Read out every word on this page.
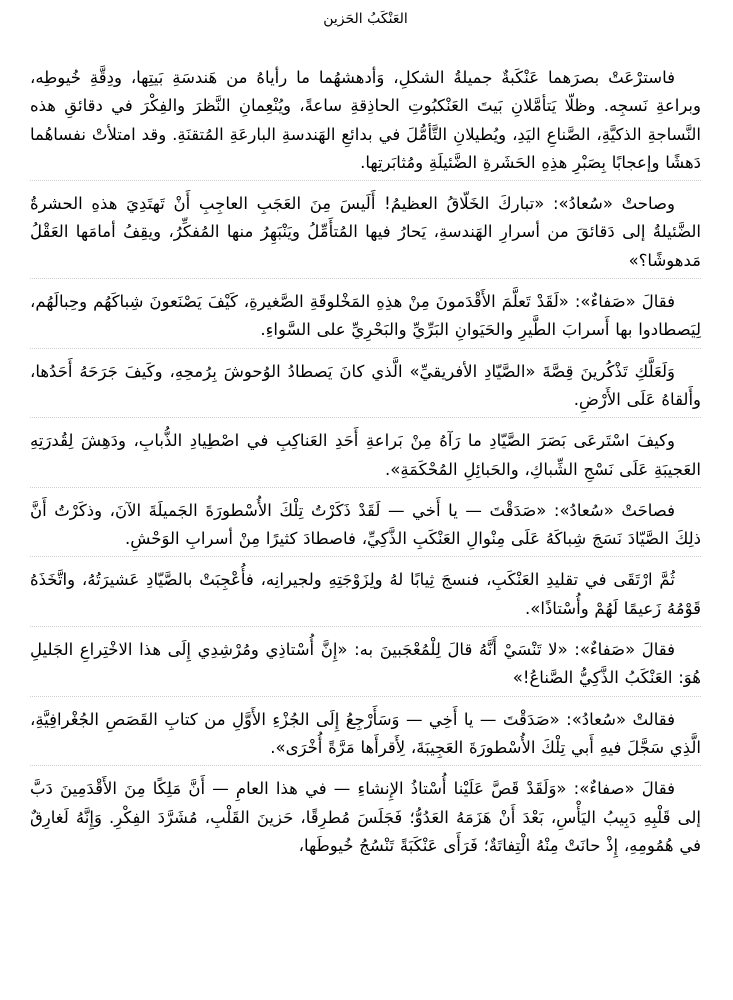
العَنْكَبُ الحَزين

فاسترْعَتْ بصرَهما عَنْكَبةٌ جميلةُ الشكلِ، وَأدهشهُما ما رأياهُ من هَندسَةِ بَيتِها، ودِقَّةِ خُيوطِه، وبراعةِ نَسجِه. وظلّا يَتأمَّلانِ بَيتَ العَنْكبُوتِ الحاذِقةِ ساعةً، ويُنْعِمانِ النَّظرَ والفِكْرَ في دقائقِ هذه النَّساجةِ الذكيَّةِ، الصَّناعِ اليَدِ، ويُطيلانِ التَّأمُّلَ في بدائعِ الهَندسةِ البارعَةِ المُتقنَةِ. وقد امتلأتْ نفساهُما دَهشًا وإعجابًا بِصَبْرِ هذِهِ الحَشَرةِ الضَّئيلَةِ ومُثابَرتِها.

وصاحتْ «سُعادُ»: «تباركَ الخَلّاقُ العظيمُ! أَلَيسَ مِنَ العَجَبِ العاجِبِ أَنْ تَهتَدِيَ هذهِ الحشرةُ الضَّئيلةُ إلى دَقائقَ من أسرارِ الهَندسةِ، يَحارُ فيها المُتأَمِّلُ ويَنْبَهِرُ منها المُفكِّرُ، ويقِفُ أمامَها العَقْلُ مَدهوشًا؟»

فقالَ «صَفاءٌ»: «لَقَدْ تَعلَّمَ الأَقْدَمونَ مِنْ هذِهِ المَخْلوقَةِ الصَّغيرةِ، كَيْفَ يَصْنَعونَ شِباكَهُم وحِبالَهُم، لِيَصطادوا بها أَسرابَ الطَّيرِ والحَيَوانِ البَرِّيِّ والبَحْرِيِّ على السَّواءِ.

وَلَعَلَّكِ تَذْكُرينَ قِصَّةَ «الصَّيّادِ الأفريقيِّ» الَّذي كانَ يَصطادُ الوُحوشَ بِرُمحِهِ، وكَيفَ جَرَحَهُ أَحَدُها، وأَلقاهُ عَلَى الأَرْضِ.

وكيفَ اسْتَرعَى بَصَرَ الصَّيّادِ ما رَآهُ مِنْ بَراعةِ أَحَدِ العَناكِبِ في اصْطِيادِ الذُّبابِ، ودَهِشَ لِقُدرَتِهِ العَجيبَةِ عَلَى نَسْجِ الشِّباكِ، والحَبائِلِ المُحْكَمَةِ».

فصاحَتْ «سُعادُ»: «صَدَقْتَ — يا أَخي — لَقَدْ ذَكَرْتُ تِلْكَ الأُسْطورَةَ الجَميلَةَ الآنَ، وذكَرْتُ أَنَّ ذلِكَ الصَّيّادَ نَسَجَ شِباكَهُ عَلَى مِنْوالِ العَنْكَبِ الذَّكِيِّ، فاصطادَ كثيرًا مِنْ أسرابِ الوَحْشِ.

ثُمَّ ارْتَقَى في تقليدِ العَنْكَبِ، فنسجَ ثِيابًا لهُ ولِزَوْجَتِهِ ولجيرانِه، فأُعْجِبَتْ بالصَّيّادِ عَشيرَتُهُ، واتَّخَذَهُ قَوْمُهُ زَعيمًا لَهُمْ وأُسْتاذًا».

فقالَ «صَفاءٌ»: «لا تَنْسَيْ أَنَّهُ قالَ لِلْمُعْجَبينَ به: «إِنَّ أُسْتاذِي ومُرْشِدِي إِلَى هذا الاخْتِراعِ الجَليلِ هُوَ: العَنْكَبُ الذَّكِيُّ الصَّناعُ!»

فقالتْ «سُعادُ»: «صَدَقْتَ — يا أَخِي — وَسَأَرْجِعُ إِلَى الجُزْءِ الأَوَّلِ من كتابِ القَصَصِ الجُغْرافِيَّةِ، الَّذِي سَجَّلَ فيهِ أَبي تِلْكَ الأُسْطورَةَ العَجِيبَةَ، لِأَقرأَها مَرَّةً أُخْرَى».

فقالَ «صفاءٌ»: «وَلَقَدْ قَصَّ عَلَيْنا أُسْتاذُ الإِنشاءِ — في هذا العامِ — أَنَّ مَلِكًا مِنَ الأَقْدَمِينَ دَبَّ إلى قَلْبِهِ دَبِيبُ اليَأْسِ، بَعْدَ أَنْ هَزَمَهُ العَدُوُّ؛ فَجَلَسَ مُطرِقًا، حَزينَ القَلْبِ، مُشَرَّدَ الفِكْرِ. وَإِنَّهُ لَغارِقٌ في هُمُومِهِ، إِذْ حانَتْ مِنْهُ الْتِفاتَةٌ؛ فَرَأَى عَنْكَبَةً تَنْسُجُ خُيوطَها،
